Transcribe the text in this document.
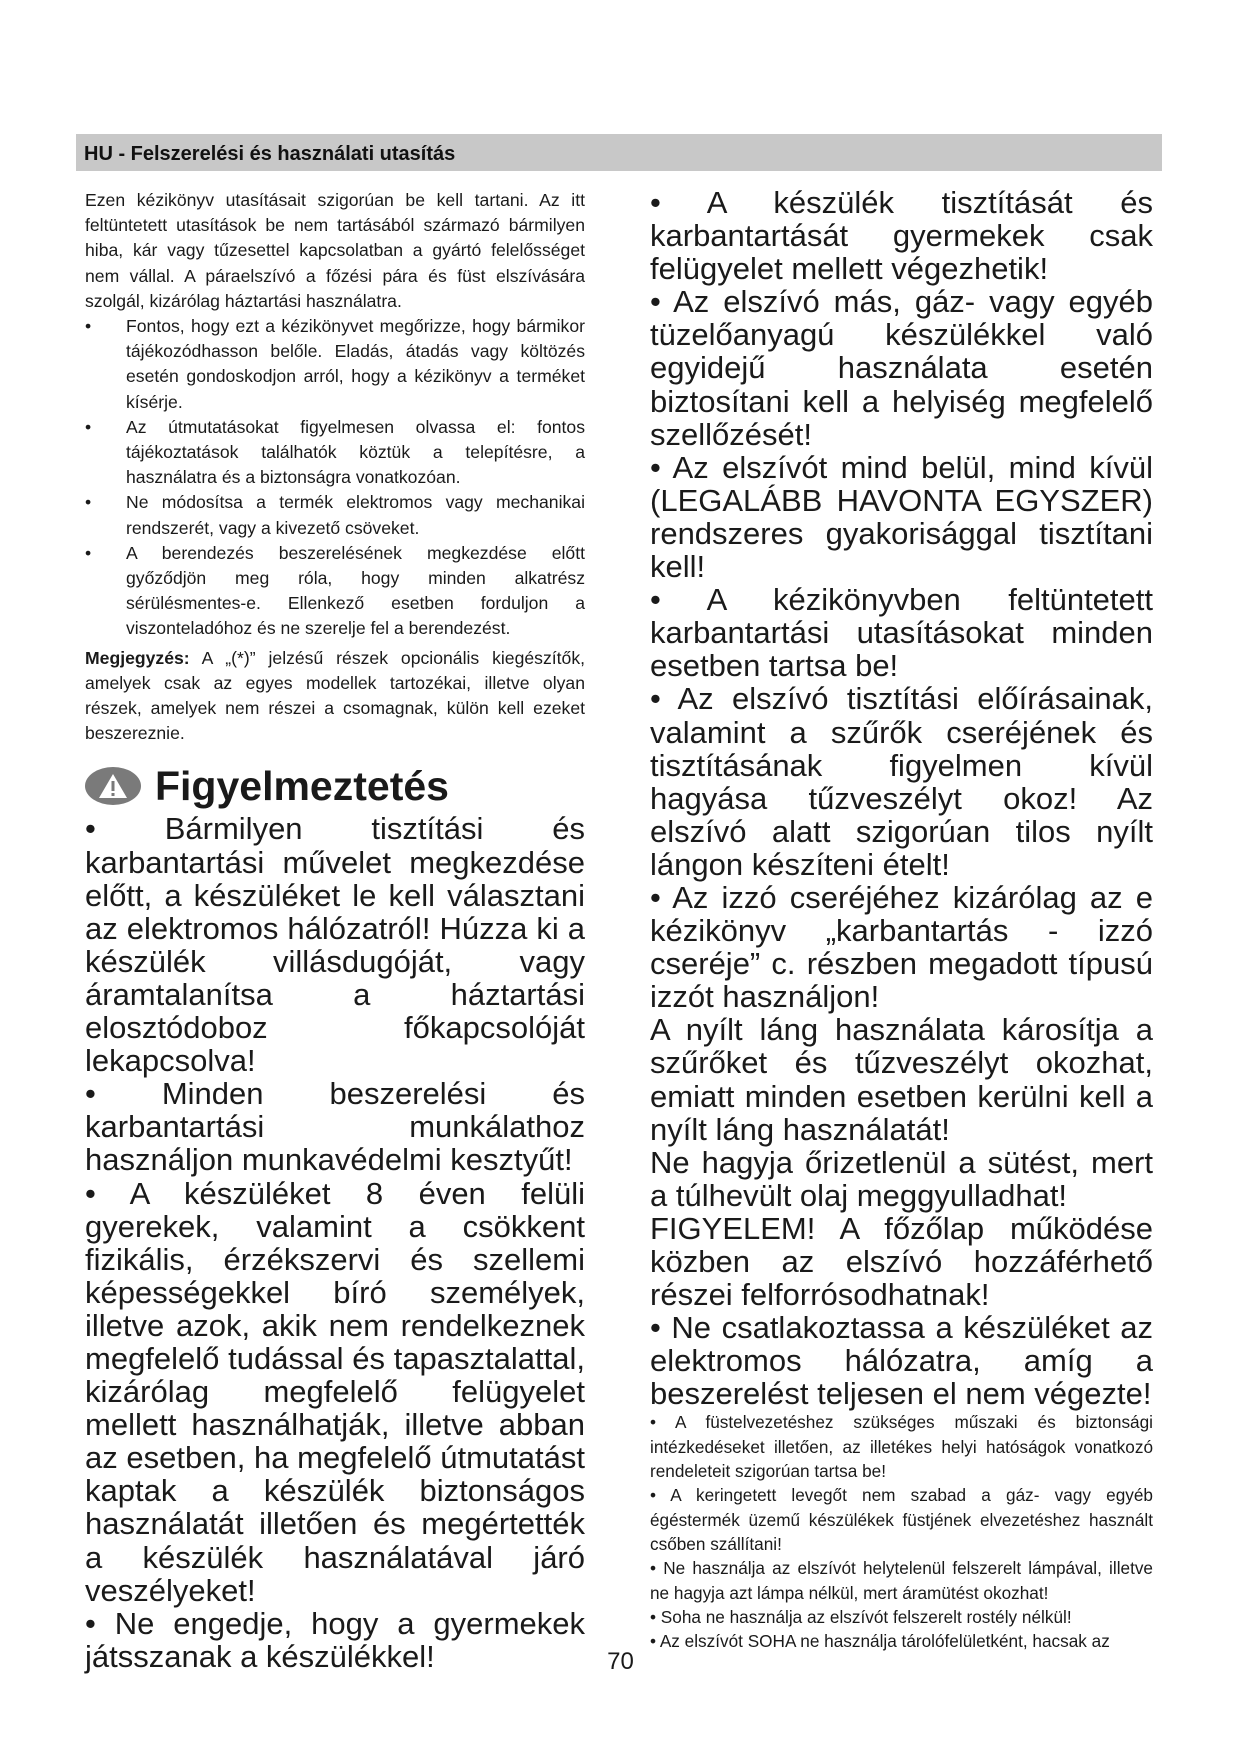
HU - Felszerelési és használati utasítás

Ezen kézikönyv utasításait szigorúan be kell tartani. Az itt feltüntetett utasítások be nem tartásából származó bármilyen hiba, kár vagy tűzesettel kapcsolatban a gyártó felelősséget nem vállal. A páraelszívó a főzési pára és füst elszívására szolgál, kizárólag háztartási használatra.

• Fontos, hogy ezt a kézikönyvet megőrizze, hogy bármikor tájékozódhasson belőle. Eladás, átadás vagy költözés esetén gondoskodjon arról, hogy a kézikönyv a terméket kísérje.

• Az útmutatásokat figyelmesen olvassa el: fontos tájékoztatások találhatók köztük a telepítésre, a használatra és a biztonságra vonatkozóan.

• Ne módosítsa a termék elektromos vagy mechanikai rendszerét, vagy a kivezető csöveket.

• A berendezés beszerelésének megkezdése előtt győződjön meg róla, hogy minden alkatrész sérülésmentes-e. Ellenkező esetben forduljon a viszonteladóhoz és ne szerelje fel a berendezést.

Megjegyzés: A „(*)” jelzésű részek opcionális kiegészítők, amelyek csak az egyes modellek tartozékai, illetve olyan részek, amelyek nem részei a csomagnak, külön kell ezeket beszereznie.

Figyelmeztetés

• Bármilyen tisztítási és karbantartási művelet megkezdése előtt, a készüléket le kell választani az elektromos hálózatról! Húzza ki a készülék villásdugóját, vagy áramtalanítsa a háztartási elosztódoboz főkapcsolóját lekapcsolva!

• Minden beszerelési és karbantartási munkálathoz használjon munkavédelmi kesztyűt!

• A készüléket 8 éven felüli gyerekek, valamint a csökkent fizikális, érzékszervi és szellemi képességekkel bíró személyek, illetve azok, akik nem rendelkeznek megfelelő tudással és tapasztalattal, kizárólag megfelelő felügyelet mellett használhatják, illetve abban az esetben, ha megfelelő útmutatást kaptak a készülék biztonságos használatát illetően és megértették a készülék használatával járó veszélyeket!

• Ne engedje, hogy a gyermekek játsszanak a készülékkel!

• A készülék tisztítását és karbantartását gyermekek csak felügyelet mellett végezhetik!

• Az elszívó más, gáz- vagy egyéb tüzelőanyagú készülékkel való egyidejű használata esetén biztosítani kell a helyiség megfelelő szellőzését!

• Az elszívót mind belül, mind kívül (LEGALÁBB HAVONTA EGYSZER) rendszeres gyakorisággal tisztítani kell!

• A kézikönyvben feltüntetett karbantartási utasításokat minden esetben tartsa be!

• Az elszívó tisztítási előírásainak, valamint a szűrők cseréjének és tisztításának figyelmen kívül hagyása tűzveszélyt okoz! Az elszívó alatt szigorúan tilos nyílt lángon készíteni ételt!

• Az izzó cseréjéhez kizárólag az e kézikönyv „karbantartás - izzó cseréje” c. részben megadott típusú izzót használjon!

A nyílt láng használata károsítja a szűrőket és tűzveszélyt okozhat, emiatt minden esetben kerülni kell a nyílt láng használatát!

Ne hagyja őrizetlenül a sütést, mert a túlhevült olaj meggyulladhat!

FIGYELEM! A főzőlap működése közben az elszívó hozzáférhető részei felforrósodhatnak!

• Ne csatlakoztassa a készüléket az elektromos hálózatra, amíg a beszerelést teljesen el nem végezte!

• A füstelvezetéshez szükséges műszaki és biztonsági intézkedéseket illetően, az illetékes helyi hatóságok vonatkozó rendeleteit szigorúan tartsa be!

• A keringetett levegőt nem szabad a gáz- vagy egyéb égéstermék üzemű készülékek füstjének elvezetéshez használt csőben szállítani!

• Ne használja az elszívót helytelenül felszerelt lámpával, illetve ne hagyja azt lámpa nélkül, mert áramütést okozhat!

• Soha ne használja az elszívót felszerelt rostély nélkül!

• Az elszívót SOHA ne használja tárolófelületként, hacsak az

70
